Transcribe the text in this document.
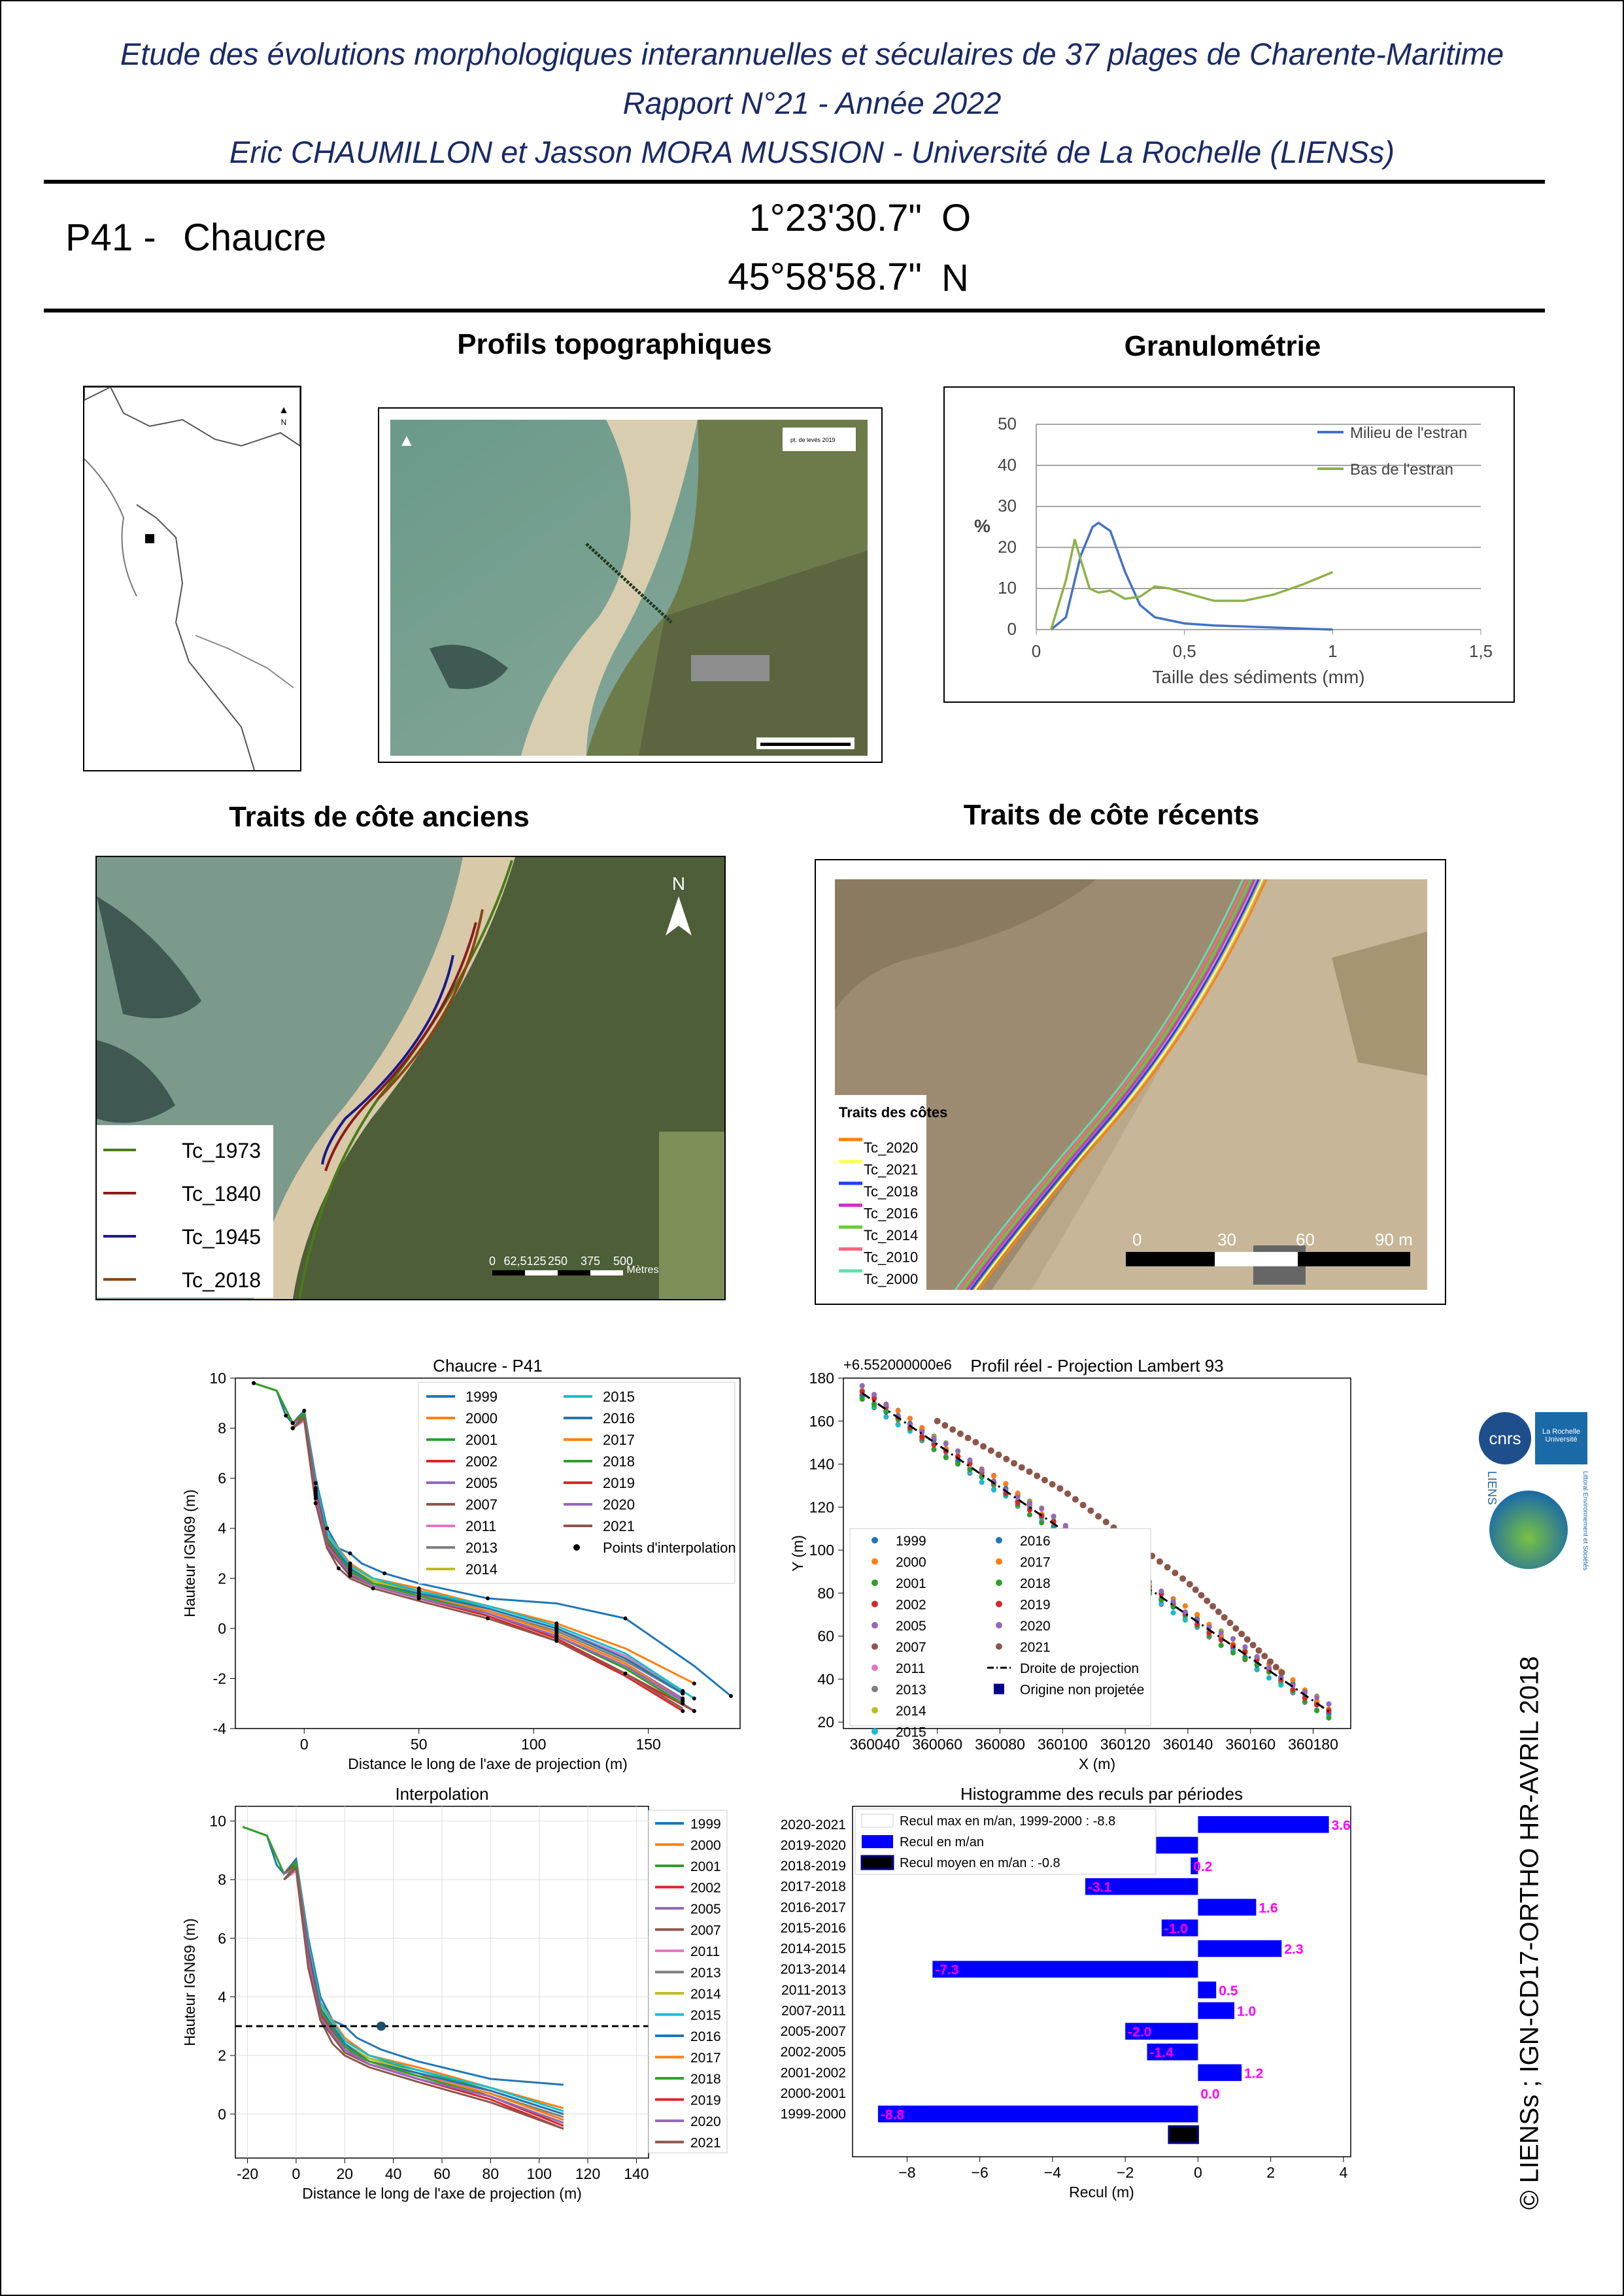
Etude des évolutions morphologiques interannuelles et séculaires de 37 plages de Charente-Maritime
Rapport N°21 - Année 2022
Eric CHAUMILLON et Jasson MORA MUSSION - Université de La Rochelle (LIENSs)
P41 - Chaucre	1°23'30.7" O
45°58'58.7" N
Profils topographiques	Granulométrie
▲
N
pt. de levés 2019
▲
0
10
20
30
40
50
0	0,5	1	1,5
Taille des sédiments (mm)
%
Milieu de l'estran
Bas de l'estran
Traits de côte anciens	Traits de côte récents
N
Tc_1973
Tc_1840
Tc_1945
Tc_2018
0 62,5125 250 375 500
Mètres
Traits des côtes
Tc_2020
Tc_2021
Tc_2018
Tc_2016
Tc_2014
Tc_2010
Tc_2000
0	30	60	90 m
0	50	100	150
-4
-2
0
2
4
6
8
10
Distance le long de l'axe de projection (m)
Hauteur IGN69 (m)
Chaucre - P41
1999
2000
2001
2002
2005
2007
2011
2013
2014
2015
2016
2017
2018
2019
2020
2021
Points d'interpolation
360040 360060 360080 360100 360120 360140 360160 360180
20
40
60
80
100
120
140
160
180
X (m)
Y (m)
Profil réel - Projection Lambert 93
+6.552000000e6
1999
2000
2001
2002
2005
2007
2011
2013
2014
2015
2016
2017
2018
2019
2020
2021
Droite de projection
Origine non projetée
-20 0 20 40 60 80 100 120 140
0
2
4
6
8
10
Distance le long de l'axe de projection (m)
Hauteur IGN69 (m)
Interpolation
1999
2000
2001
2002
2005
2007
2011
2013
2014
2015
2016
2017
2018
2019
2020
2021
Histogramme des reculs par périodes
−8	−6	−4	−2	0	2	4
Recul (m)
2020-2021	3.6
2019-2020
2018-2019	0.2
2017-2018	-3.1
2016-2017	1.6
2015-2016	-1.0
2014-2015	2.3
2013-2014	-7.3
2011-2013	0.5
2007-2011	1.0
2005-2007	-2.0
2002-2005	-1.4
2001-2002	1.2
2000-2001	0.0
1999-2000	-8.8
Recul max en m/an, 1999-2000 : -8.8
Recul en m/an
Recul moyen en m/an : -0.8
cnrs	La Rochelle Université
LIENS	Littoral Environnement et Sociétés
© LIENSs ; IGN-CD17-ORTHO HR-AVRIL 2018
